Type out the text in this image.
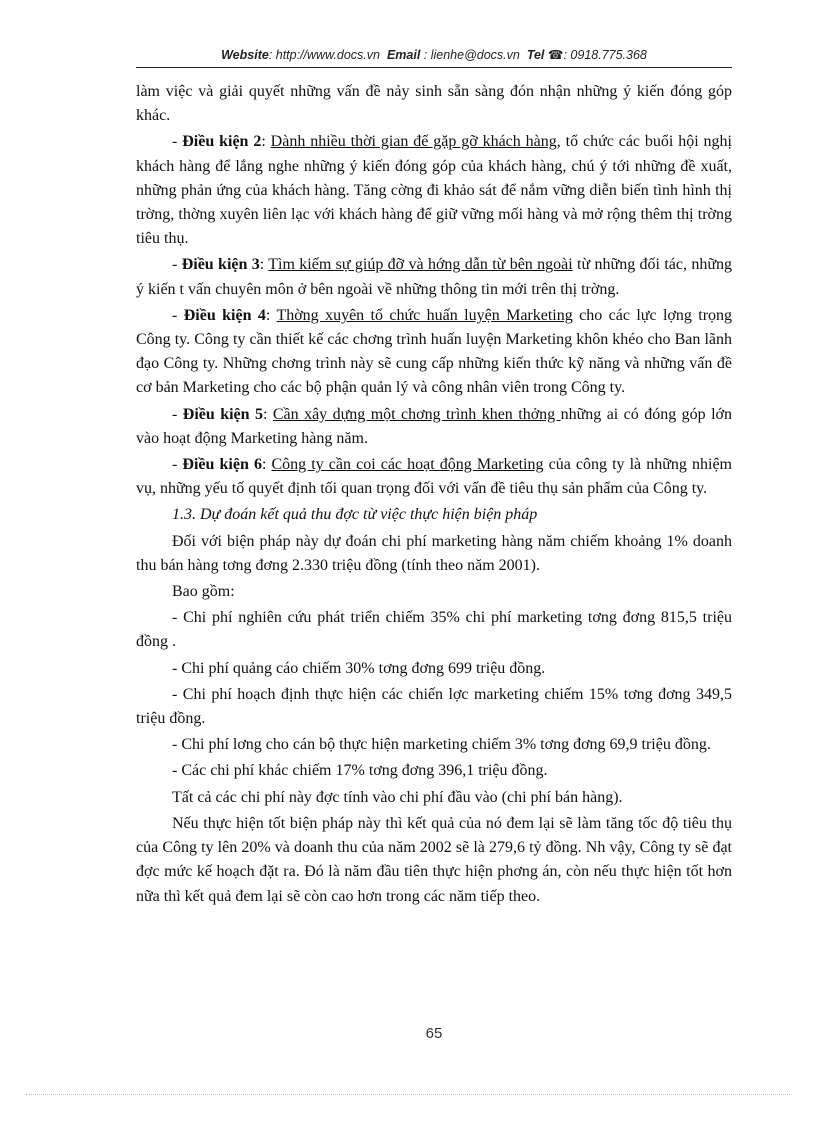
Website: http://www.docs.vn Email : lienhe@docs.vn Tel ☎: 0918.775.368

làm việc và giải quyết những vấn đề nảy sinh sẵn sàng đón nhận những ý kiến đóng góp khác.

- Điều kiện 2: Dành nhiều thời gian để gặp gỡ khách hàng, tổ chức các buổi hội nghị khách hàng để lắng nghe những ý kiến đóng góp của khách hàng, chú ý tới những đề xuất, những phản ứng của khách hàng. Tăng cờng đi khảo sát để nắm vững diễn biến tình hình thị trờng, thờng xuyên liên lạc với khách hàng để giữ vững mối hàng và mở rộng thêm thị trờng tiêu thụ.

- Điều kiện 3: Tìm kiếm sự giúp đỡ và hớng dẫn từ bên ngoài từ những đối tác, những ý kiến t vấn chuyên môn ở bên ngoài về những thông tin mới trên thị trờng.

- Điều kiện 4: Thờng xuyên tổ chức huấn luyện Marketing cho các lực lợng trọng Công ty. Công ty cần thiết kế các chơng trình huấn luyện Marketing khôn khéo cho Ban lãnh đạo Công ty. Những chơng trình này sẽ cung cấp những kiến thức kỹ năng và những vấn đề cơ bản Marketing cho các bộ phận quản lý và công nhân viên trong Công ty.

- Điều kiện 5: Cần xây dựng một chơng trình khen thởng những ai có đóng góp lớn vào hoạt động Marketing hàng năm.

- Điều kiện 6: Công ty cần coi các hoạt động Marketing của công ty là những nhiệm vụ, những yếu tố quyết định tối quan trọng đối với vấn đề tiêu thụ sản phẩm của Công ty.

1.3. Dự đoán kết quả thu đợc từ việc thực hiện biện pháp

Đối với biện pháp này dự đoán chi phí marketing hàng năm chiếm khoảng 1% doanh thu bán hàng tơng đơng 2.330 triệu đồng (tính theo năm 2001).

Bao gồm:

- Chi phí nghiên cứu phát triển chiếm 35% chi phí marketing tơng đơng 815,5 triệu đồng .

- Chi phí quảng cáo chiếm 30% tơng đơng 699 triệu đồng.

- Chi phí hoạch định thực hiện các chiến lợc marketing chiếm 15% tơng đơng 349,5 triệu đồng.

- Chi phí lơng cho cán bộ thực hiện marketing chiếm 3% tơng đơng 69,9 triệu đồng.

- Các chi phí khác chiếm 17% tơng đơng 396,1 triệu đồng.

Tất cả các chi phí này đợc tính vào chi phí đầu vào (chi phí bán hàng).

Nếu thực hiện tốt biện pháp này thì kết quả của nó đem lại sẽ làm tăng tốc độ tiêu thụ của Công ty lên 20% và doanh thu của năm 2002 sẽ là 279,6 tỷ đồng. Nh vậy, Công ty sẽ đạt đợc mức kế hoạch đặt ra. Đó là năm đầu tiên thực hiện phơng án, còn nếu thực hiện tốt hơn nữa thì kết quả đem lại sẽ còn cao hơn trong các năm tiếp theo.

65
